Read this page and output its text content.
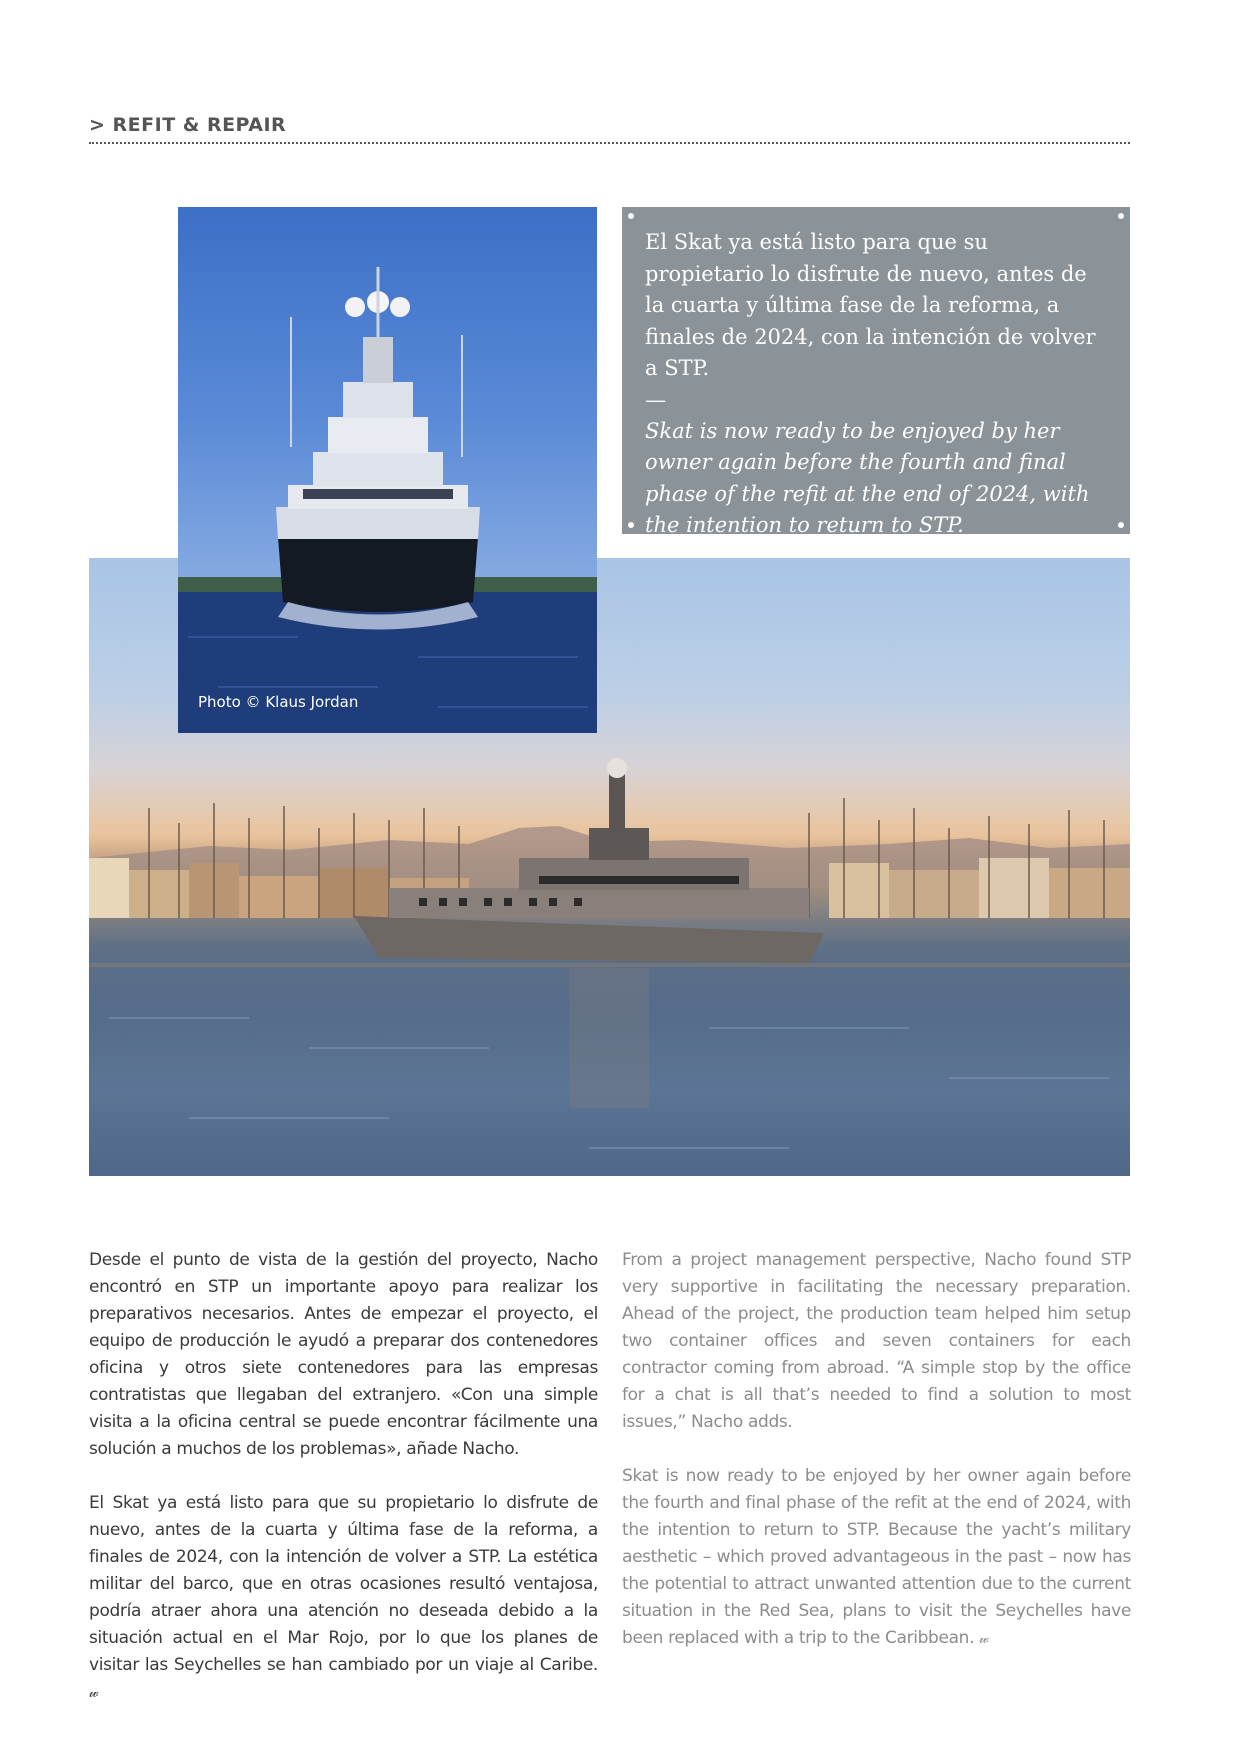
> REFIT & REPAIR
Photo © Klaus Jordan

El Skat ya está listo para que su propietario lo disfrute de nuevo, antes de la cuarta y última fase de la reforma, a finales de 2024, con la intención de volver a STP.

—

Skat is now ready to be enjoyed by her owner again before the fourth and final phase of the refit at the end of 2024, with the intention to return to STP.

Desde el punto de vista de la gestión del proyecto, Nacho encontró en STP un importante apoyo para realizar los preparativos necesarios. Antes de empezar el proyecto, el equipo de producción le ayudó a preparar dos contenedores oficina y otros siete contenedores para las empresas contratistas que llegaban del extranjero. «Con una simple visita a la oficina central se puede encontrar fácilmente una solución a muchos de los problemas», añade Nacho.

El Skat ya está listo para que su propietario lo disfrute de nuevo, antes de la cuarta y última fase de la reforma, a finales de 2024, con la intención de volver a STP. La estética militar del barco, que en otras ocasiones resultó ventajosa, podría atraer ahora una atención no deseada debido a la situación actual en el Mar Rojo, por lo que los planes de visitar las Seychelles se han cambiado por un viaje al Caribe. 𝓌

From a project management perspective, Nacho found STP very supportive in facilitating the necessary preparation. Ahead of the project, the production team helped him setup two container offices and seven containers for each contractor coming from abroad. “A simple stop by the office for a chat is all that’s needed to find a solution to most issues,” Nacho adds.

Skat is now ready to be enjoyed by her owner again before the fourth and final phase of the refit at the end of 2024, with the intention to return to STP. Because the yacht’s military aesthetic – which proved advantageous in the past – now has the potential to attract unwanted attention due to the current situation in the Red Sea, plans to visit the Seychelles have been replaced with a trip to the Caribbean. 𝓌
